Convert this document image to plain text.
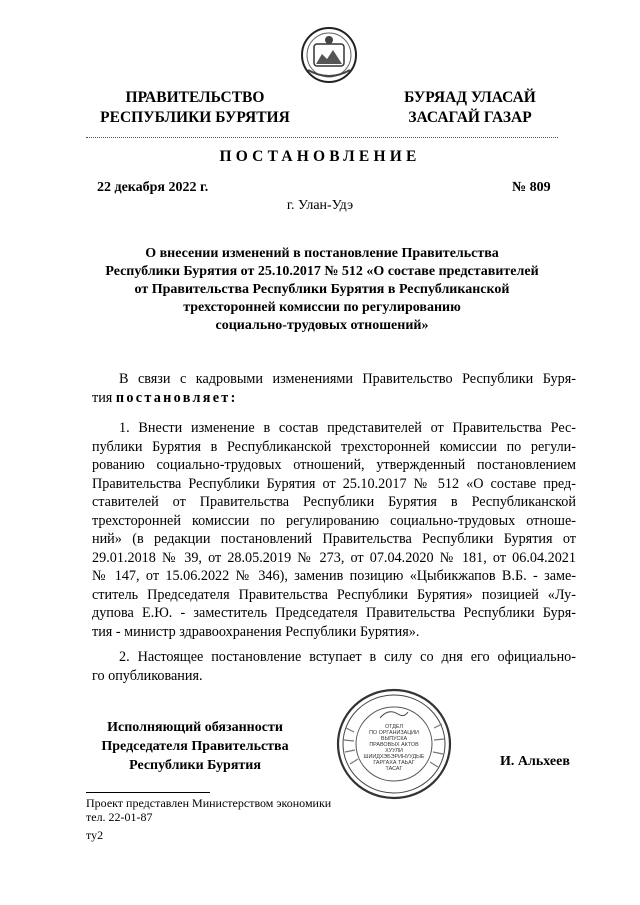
ПРАВИТЕЛЬСТВО
РЕСПУБЛИКИ БУРЯТИЯ
БУРЯАД УЛАСАЙ
ЗАСАГАЙ ГАЗАР
ПОСТАНОВЛЕНИЕ
22 декабря 2022 г.	№ 809
г. Улан-Удэ
О внесении изменений в постановление Правительства
Республики Бурятия от 25.10.2017 № 512 «О составе представителей
от Правительства Республики Бурятия в Республиканской
трехсторонней комиссии по регулированию
социально-трудовых отношений»
В связи с кадровыми изменениями Правительство Республики Буря-
тия постановляет:
1. Внести изменение в состав представителей от Правительства Рес-
публики Бурятия в Республиканской трехсторонней комиссии по регули-
рованию социально-трудовых отношений, утвержденный постановлением
Правительства Республики Бурятия от 25.10.2017 № 512 «О составе пред-
ставителей от Правительства Республики Бурятия в Республиканской
трехсторонней комиссии по регулированию социально-трудовых отноше-
ний» (в редакции постановлений Правительства Республики Бурятия от
29.01.2018 № 39, от 28.05.2019 № 273, от 07.04.2020 № 181, от 06.04.2021
№ 147, от 15.06.2022 № 346), заменив позицию «Цыбикжапов В.Б. - заме-
ститель Председателя Правительства Республики Бурятия» позицией «Лу-
дупова Е.Ю. - заместитель Председателя Правительства Республики Буря-
тия - министр здравоохранения Республики Бурятия».
2. Настоящее постановление вступает в силу со дня его официально-
го опубликования.
Исполняющий обязанности
Председателя Правительства
Республики Бурятия
ОТДЕЛ
ПО ОРГАНИЗАЦИИ
ВЫПУСКА
ПРАВОВЫХ АКТОВ
ХУУЛИ
ШИИДХЭБЭРИНУУДЫЕ
ГАРГАХА ТАЬАГ
ТАСАГ	И. Альхеев
Проект представлен Министерством экономики
тел. 22-01-87
ту2
